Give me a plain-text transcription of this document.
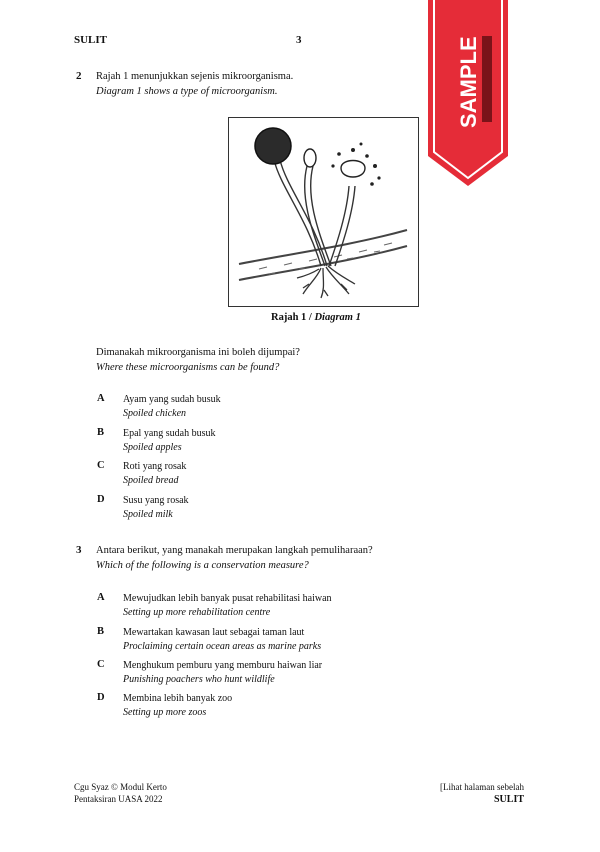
SULIT	3	SAMPLE
2 Rajah 1 menunjukkan sejenis mikroorganisma.
Diagram 1 shows a type of microorganism.
Rajah 1 / Diagram 1
Dimanakah mikroorganisma ini boleh dijumpai?
Where these microorganisms can be found?
A Ayam yang sudah busuk
Spoiled chicken
B Epal yang sudah busuk
Spoiled apples
C Roti yang rosak
Spoiled bread
D Susu yang rosak
Spoiled milk
3 Antara berikut, yang manakah merupakan langkah pemuliharaan?
Which of the following is a conservation measure?
A Mewujudkan lebih banyak pusat rehabilitasi haiwan
Setting up more rehabilitation centre
B Mewartakan kawasan laut sebagai taman laut
Proclaiming certain ocean areas as marine parks
C Menghukum pemburu yang memburu haiwan liar
Punishing poachers who hunt wildlife
D Membina lebih banyak zoo
Setting up more zoos
Cgu Syaz © Modul Kerto
Pentaksiran UASA 2022
[Lihat halaman sebelah
SULIT
